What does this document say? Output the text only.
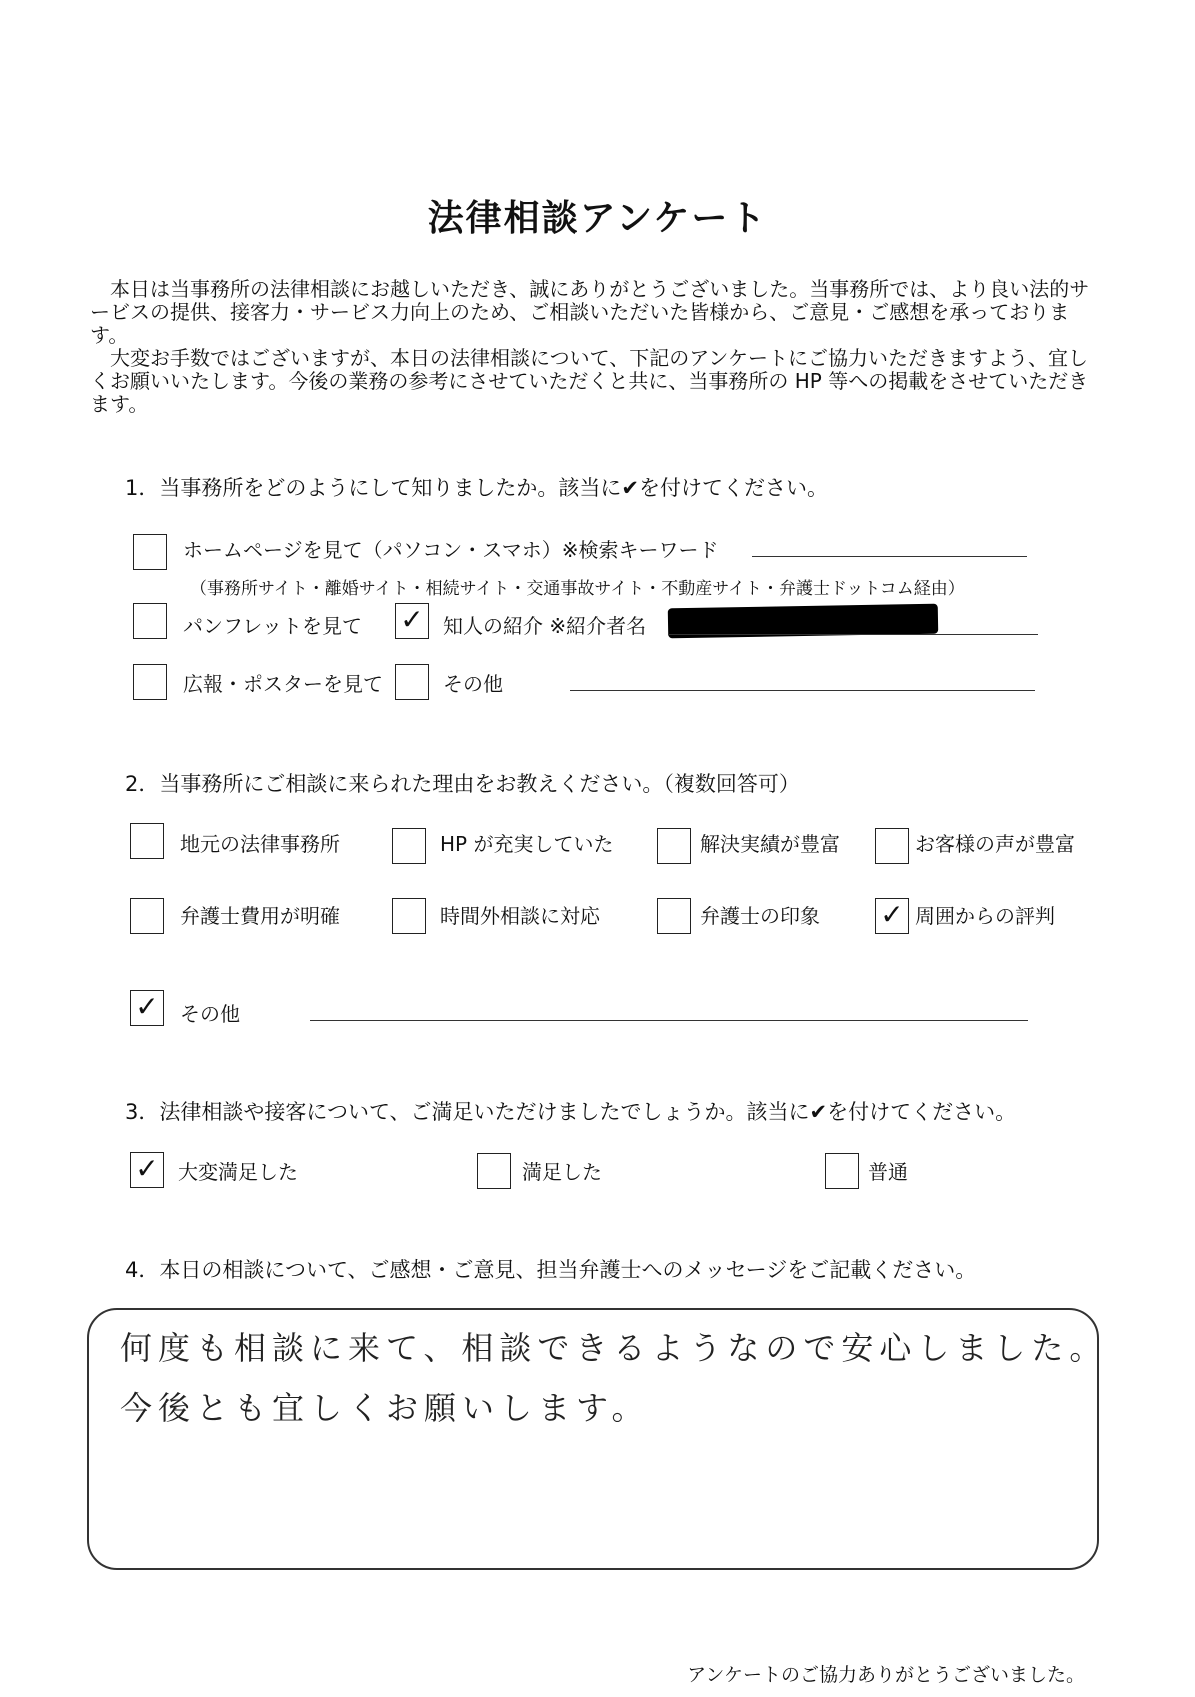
法律相談アンケート

本日は当事務所の法律相談にお越しいただき、誠にありがとうございました。当事務所では、より良い法的サービスの提供、接客力・サービス力向上のため、ご相談いただいた皆様から、ご意見・ご感想を承っております。

大変お手数ではございますが、本日の法律相談について、下記のアンケートにご協力いただきますよう、宜しくお願いいたします。今後の業務の参考にさせていただくと共に、当事務所の HP 等への掲載をさせていただきます。

1．当事務所をどのようにして知りましたか。該当に✔を付けてください。
ホームページを見て（パソコン・スマホ）※検索キーワード
（事務所サイト・離婚サイト・相続サイト・交通事故サイト・不動産サイト・弁護士ドットコム経由）
パンフレットを見て ✓ 知人の紹介 ※紹介者名
広報・ポスターを見て	その他
2．当事務所にご相談に来られた理由をお教えください。（複数回答可）
地元の法律事務所	HP が充実していた	解決実績が豊富	お客様の声が豊富
弁護士費用が明確	時間外相談に対応	弁護士の印象 ✓ 周囲からの評判
✓ その他
3．法律相談や接客について、ご満足いただけましたでしょうか。該当に✔を付けてください。
✓ 大変満足した	満足した	普通
4．本日の相談について、ご感想・ご意見、担当弁護士へのメッセージをご記載ください。
何度も相談に来て、相談できるようなので安心しました。
今後とも宜しくお願いします。
アンケートのご協力ありがとうございました。
